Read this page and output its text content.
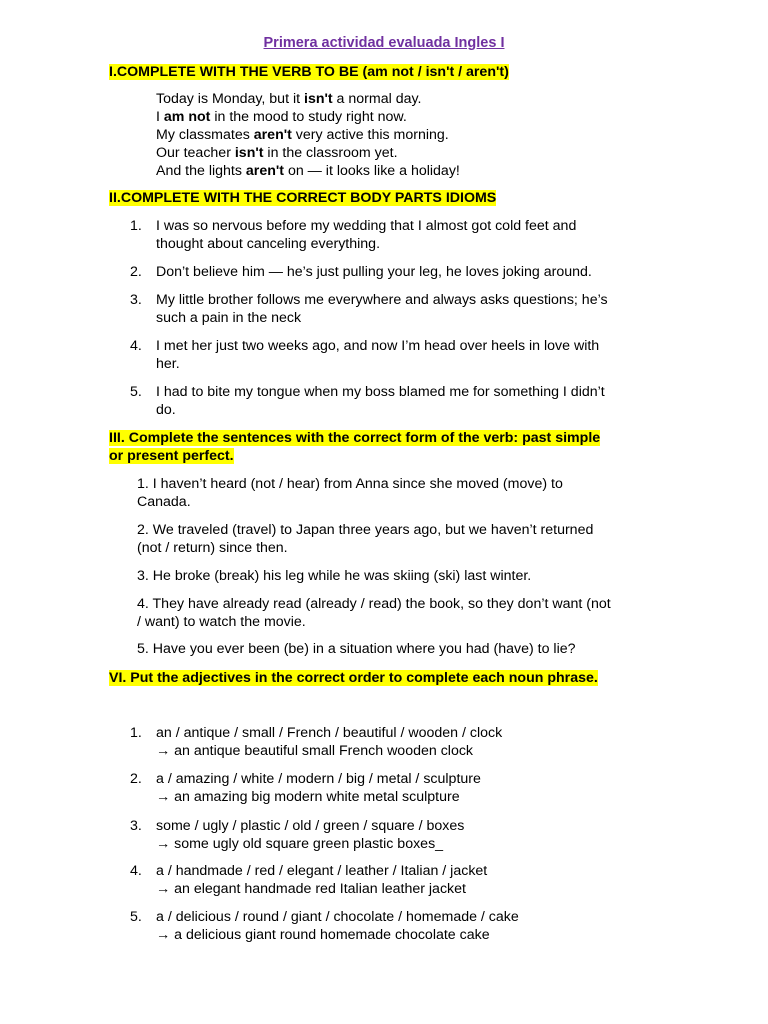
Primera actividad evaluada Ingles I
I.COMPLETE WITH THE VERB TO BE (am not / isn't / aren't)
Today is Monday, but it isn't a normal day.
I am not in the mood to study right now.
My classmates aren't very active this morning.
Our teacher isn't in the classroom yet.
And the lights aren't on — it looks like a holiday!
II.COMPLETE WITH THE CORRECT BODY PARTS IDIOMS
1. I was so nervous before my wedding that I almost got cold feet and
thought about canceling everything.
2. Don’t believe him — he’s just pulling your leg, he loves joking around.
3. My little brother follows me everywhere and always asks questions; he’s
such a pain in the neck
4. I met her just two weeks ago, and now I’m head over heels in love with
her.
5. I had to bite my tongue when my boss blamed me for something I didn’t
do.
III. Complete the sentences with the correct form of the verb: past simple
or present perfect.
1. I haven’t heard (not / hear) from Anna since she moved (move) to
Canada.
2. We traveled (travel) to Japan three years ago, but we haven’t returned
(not / return) since then.
3. He broke (break) his leg while he was skiing (ski) last winter.
4. They have already read (already / read) the book, so they don’t want (not
/ want) to watch the movie.
5. Have you ever been (be) in a situation where you had (have) to lie?
VI. Put the adjectives in the correct order to complete each noun phrase.
1. an / antique / small / French / beautiful / wooden / clock
→ an antique beautiful small French wooden clock
2. a / amazing / white / modern / big / metal / sculpture
→ an amazing big modern white metal sculpture
3. some / ugly / plastic / old / green / square / boxes
→ some ugly old square green plastic boxes_
4. a / handmade / red / elegant / leather / Italian / jacket
→ an elegant handmade red Italian leather jacket
5. a / delicious / round / giant / chocolate / homemade / cake
→ a delicious giant round homemade chocolate cake
